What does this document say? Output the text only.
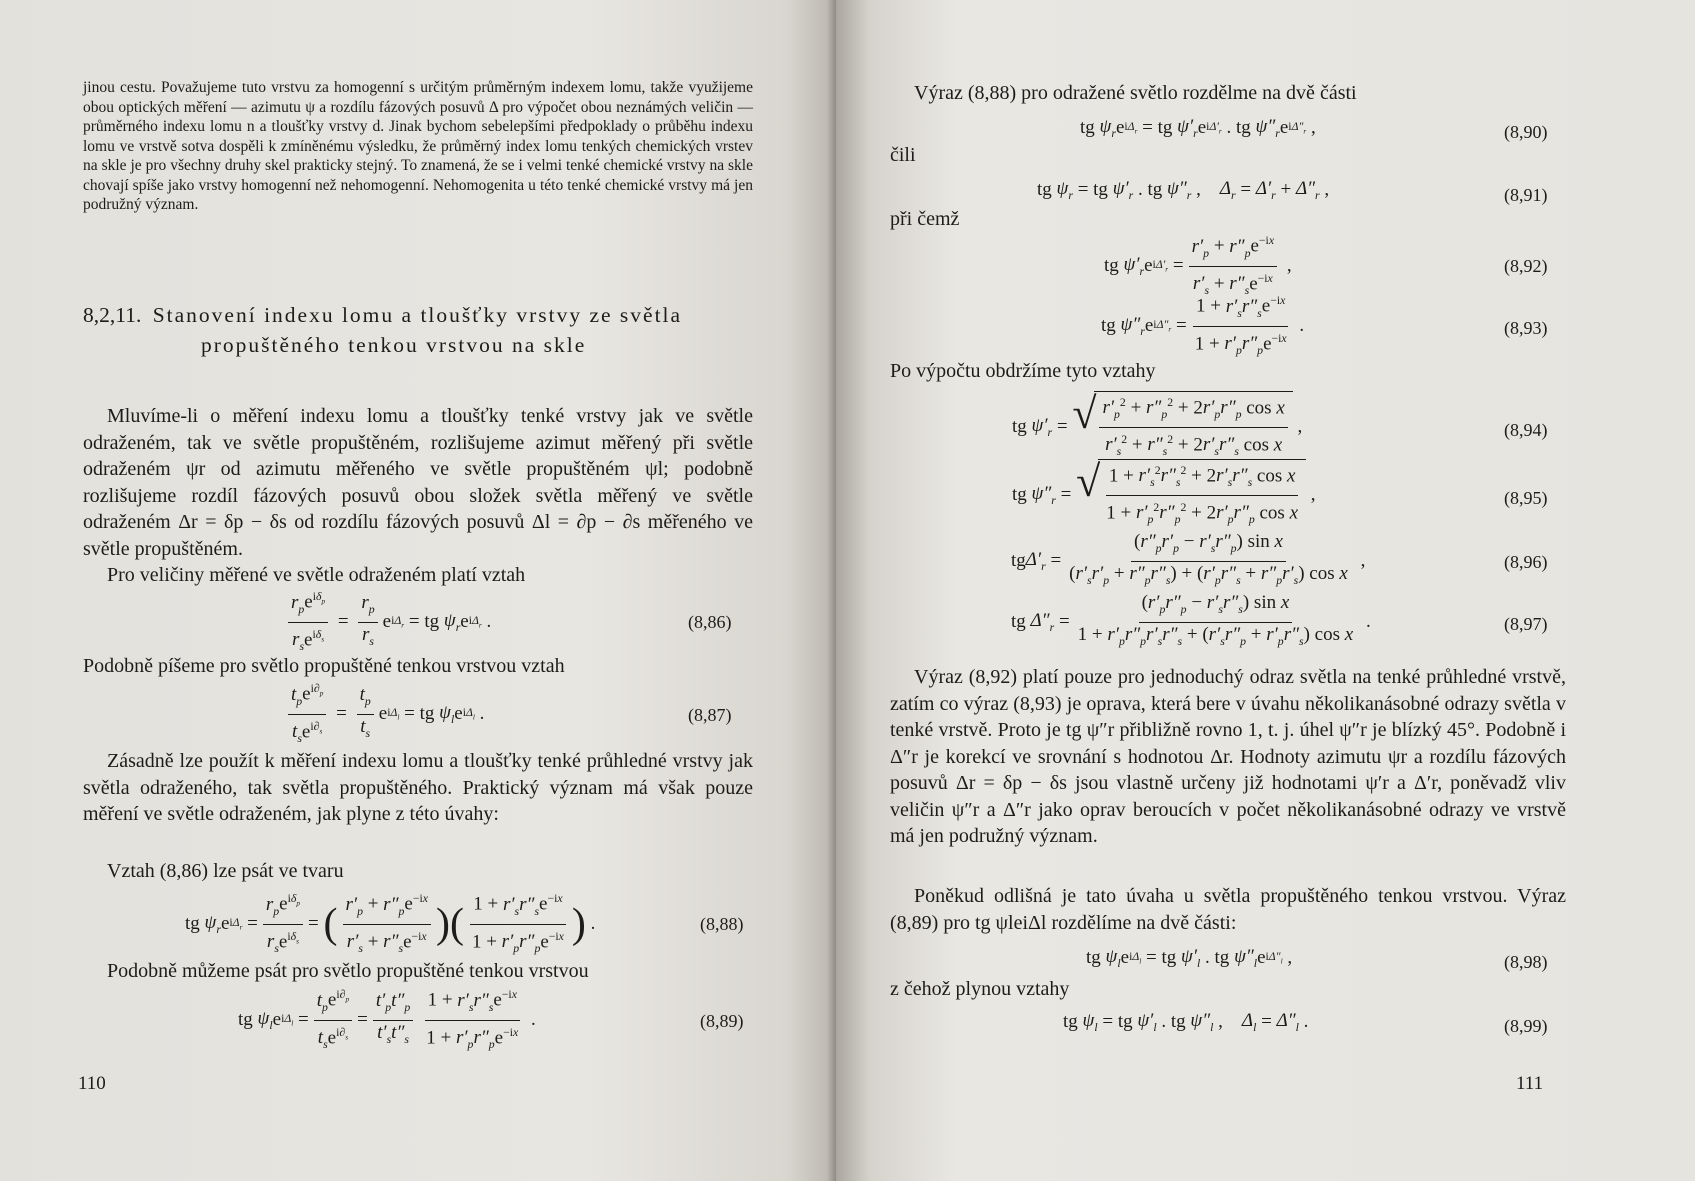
jinou cestu. Považujeme tuto vrstvu za homogenní s určitým průměrným indexem lomu, takže využijeme obou optických měření — azimutu ψ a rozdílu fázových posuvů Δ pro výpočet obou neznámých veličin — průměrného indexu lomu n a tloušťky vrstvy d. Jinak bychom sebelepšími předpoklady o průběhu indexu lomu ve vrstvě sotva dospěli k zmíněnému výsledku, že průměrný index lomu tenkých chemických vrstev na skle je pro všechny druhy skel prakticky stejný. To znamená, že se i velmi tenké chemické vrstvy na skle chovají spíše jako vrstvy homogenní než nehomogenní. Nehomogenita u této tenké chemické vrstvy má jen podružný význam.
8,2,11. Stanovení indexu lomu a tloušťky vrstvy ze světla
propuštěného tenkou vrstvou na skle
Mluvíme-li o měření indexu lomu a tloušťky tenké vrstvy jak ve světle odraženém, tak ve světle propuštěném, rozlišujeme azimut měřený při světle odraženém ψr od azimutu měřeného ve světle propuštěném ψl; podobně rozlišujeme rozdíl fázových posuvů obou složek světla měřený ve světle odraženém Δr = δp − δs od rozdílu fázových posuvů Δl = ∂p − ∂s měřeného ve světle propuštěném.
Pro veličiny měřené ve světle odraženém platí vztah
$\frac{r_pe^{i\delta_p}}{r_se^{i\delta_s}} = \frac{r_p}{r_s}$ e $i\Delta_r$ = tg $\psi_r$ e $i\Delta_r$ .	(8,86)
Podobně píšeme pro světlo propuštěné tenkou vrstvou vztah
$\frac{t_pe^{i\partial_p}}{t_se^{i\partial_s}} = \frac{t_p}{t_s}$ e $i\Delta_l$ = tg $\psi_l$ e $i\Delta_l$ .	(8,87)
Zásadně lze použít k měření indexu lomu a tloušťky tenké průhledné vrstvy jak světla odraženého, tak světla propuštěného. Praktický význam má však pouze měření ve světle odraženém, jak plyne z této úvahy:
Vztah (8,86) lze psát ve tvaru
tg $\psi_r$ e $i\Delta_r = \frac{r_pe^{i\delta_p}}{r_se^{i\delta_s}}$ = ( $\frac{r'_p + r''_pe^{-ix}}{r'_s + r''_se^{-ix}}$ ) ( $\frac{1 + r'_sr''_se^{-ix}}{1 + r'_pr''_pe^{-ix}}$ ) .	(8,88)
Podobně můžeme psát pro světlo propuštěné tenkou vrstvou
tg $\psi_l$ e $i\Delta_l = \frac{t_pe^{i\partial_p}}{t_se^{i\partial_s}} = \frac{t'_pt''_p}{t'_st''_s} \frac{1 + r'_sr''_se^{-ix}}{1 + r'_pr''_pe^{-ix}}$ .	(8,89)
110
Výraz (8,88) pro odražené světlo rozdělme na dvě části
tg $\psi_r$ e $i\Delta_r$ = tg $\psi'_r$ e $i\Delta'_r$ . tg $\psi''_r$ e $i\Delta''_r$ ,	(8,90)
čili
tg $\psi_r$ = tg $\psi'_r$ . tg $\psi''_r$ , $\Delta_r = \Delta'_r + \Delta''_r$ ,	(8,91)
při čemž
tg $\psi'_r$ e $i\Delta'_r = \frac{r'_p + r''_pe^{-ix}}{r'_s + r''_se^{-ix}}$ ,	(8,92)
tg $\psi''_r$ e $i\Delta''_r = \frac{1 + r'_sr''_se^{-ix}}{1 + r'_pr''_pe^{-ix}}$ .	(8,93)
Po výpočtu obdržíme tyto vztahy
tg $\psi'_r$ = √ $\frac{r'_p^2 + r''_p^2 + 2r'_pr''_p \cos x}{r'_s^2 + r''_s^2 + 2r'_sr''_s \cos x}$ ,	(8,94)
tg $\psi''_r$ = √ $\frac{1 + r'_s^2r''_s^2 + 2r'_sr''_s \cos x}{1 + r'_p^2r''_p^2 + 2r'_pr''_p \cos x}$ ,	(8,95)
tg $\Delta'_r = \frac{(r''_pr'_p - r'_sr''_p) \sin x}{(r'_sr'_p + r''_pr''_s) + (r'_pr''_s + r''_pr'_s) \cos x}$ ,	(8,96)
tg $\Delta''_r = \frac{(r'_pr''_p - r'_sr''_s) \sin x}{1 + r'_pr''_pr'_sr''_s + (r'_sr''_p + r'_pr''_s) \cos x}$ .	(8,97)
Výraz (8,92) platí pouze pro jednoduchý odraz světla na tenké průhledné vrstvě, zatím co výraz (8,93) je oprava, která bere v úvahu několikanásobné odrazy světla v tenké vrstvě. Proto je tg ψ″r přibližně rovno 1, t. j. úhel ψ″r je blízký 45°. Podobně i Δ″r je korekcí ve srovnání s hodnotou Δr. Hodnoty azimutu ψr a rozdílu fázových posuvů Δr = δp − δs jsou vlastně určeny již hodnotami ψ′r a Δ′r, poněvadž vliv veličin ψ″r a Δ″r jako oprav beroucích v počet několikanásobné odrazy ve vrstvě má jen podružný význam.
Poněkud odlišná je tato úvaha u světla propuštěného tenkou vrstvou. Výraz (8,89) pro tg ψleiΔl rozdělíme na dvě části:
tg $\psi_l$ e $i\Delta_l$ = tg $\psi'_l$ . tg $\psi''_l$ e $i\Delta''_l$ ,	(8,98)
z čehož plynou vztahy
tg $\psi_l$ = tg $\psi'_l$ . tg $\psi''_l$ , $\Delta_l = \Delta''_l$ .	(8,99)
111
